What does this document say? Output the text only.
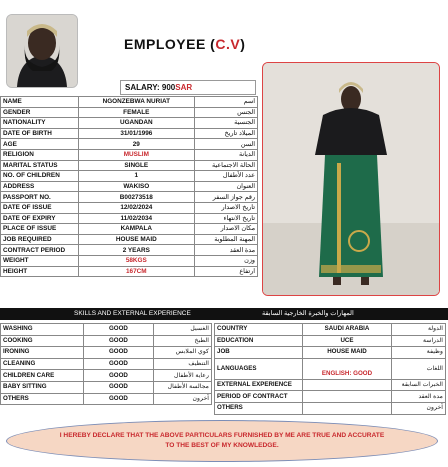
EMPLOYEE (C.V)
SALARY: 900SAR
NAME	NGONZEBWA NURIAT	اسم
GENDER	FEMALE	الجنس
NATIONALITY	UGANDAN	الجنسية
DATE OF BIRTH	31/01/1996	الميلاد تاريخ
AGE	29	السن
RELIGION	MUSLIM	الديانة
MARITAL STATUS	SINGLE	الحالة الاجتماعية
NO. OF CHILDREN	1	عدد الأطفال
ADDRESS	WAKISO	العنوان
PASSPORT NO.	B00273518	رقم جواز السفر
DATE OF ISSUE	12/02/2024	تاريخ الاصدار
DATE OF EXPIRY	11/02/2034	تاريخ الانتهاء
PLACE OF ISSUE	KAMPALA	مكان الاصدار
JOB REQUIRED	HOUSE MAID	المهنة المطلوبة
CONTRACT PERIOD	2 YEARS	مدة العقد
WEIGHT	58KGS	وزن
HEIGHT	167CM	ارتفاع
SKILLS AND EXTERNAL EXPERIENCE	المهارات والخبرة الخارجية السابقة
WASHING	GOOD	الغسيل
COOKING	GOOD	الطبخ
IRONING	GOOD	كوي الملابس
CLEANING	GOOD	التنظيف
CHILDREN CARE	GOOD	رعاية الأطفال
BABY SITTING	GOOD	مجالسة الأطفال
OTHERS	GOOD	آخرون
COUNTRY	SAUDI ARABIA	الدولة
EDUCATION	UCE	الدراسة
JOB	HOUSE MAID	وظيفة
LANGUAGES	ENGLISH: GOOD	اللغات
EXTERNAL EXPERIENCE		الخبرات السابقة
PERIOD OF CONTRACT		مدة العقد
OTHERS		آخرون
I HEREBY DECLARE THAT THE ABOVE PARTICULARS FURNISHED BY ME ARE TRUE AND ACCURATE TO THE BEST OF MY KNOWLEDGE.
